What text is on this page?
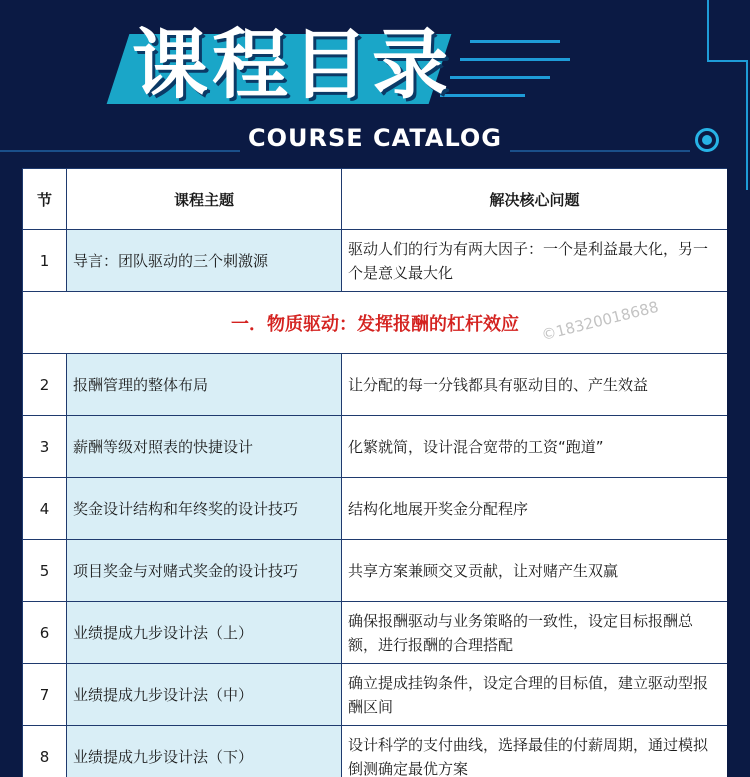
课程目录
COURSE CATALOG
节	课程主题	解决核心问题
1	导言：团队驱动的三个刺激源	驱动人们的行为有两大因子：一个是利益最大化，另一个是意义最大化
一．物质驱动：发挥报酬的杠杆效应		
2	报酬管理的整体布局	让分配的每一分钱都具有驱动目的、产生效益
3	薪酬等级对照表的快捷设计	化繁就简，设计混合宽带的工资“跑道”
4	奖金设计结构和年终奖的设计技巧	结构化地展开奖金分配程序
5	项目奖金与对赌式奖金的设计技巧	共享方案兼顾交叉贡献，让对赌产生双赢
6	业绩提成九步设计法（上）	确保报酬驱动与业务策略的一致性，设定目标报酬总额，进行报酬的合理搭配
7	业绩提成九步设计法（中）	确立提成挂钩条件，设定合理的目标值，建立驱动型报酬区间
8	业绩提成九步设计法（下）	设计科学的支付曲线，选择最佳的付薪周期，通过模拟倒测确定最优方案
©18320018688
